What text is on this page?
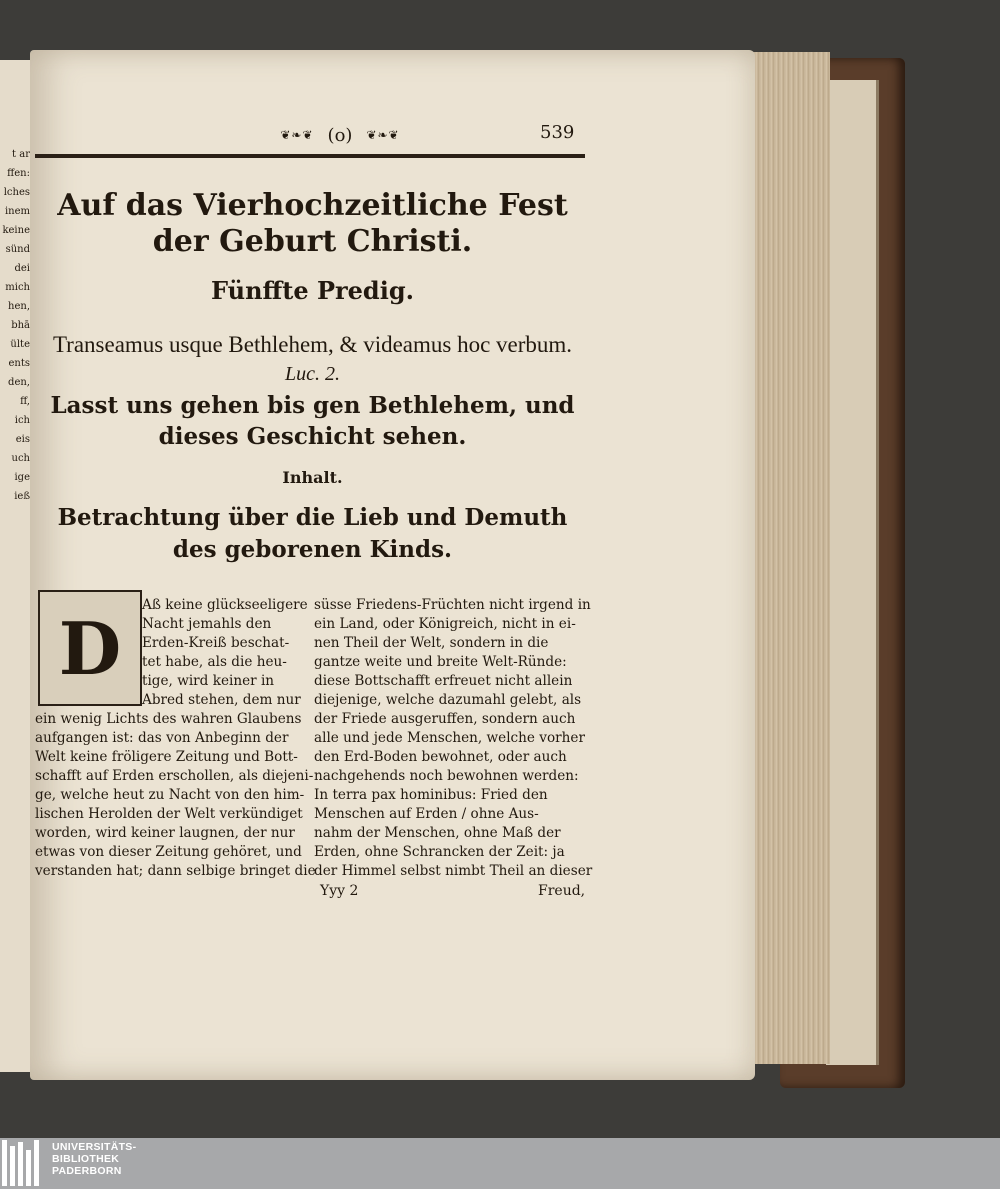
t ar
ffen:
lches
inem
keine
sünd
dei
mich
hen,
bhā
ülte
ents
den,
ff,
ich
eis
uch
ige
ieß
❦❧❦ (o) ❦❧❦	539
Auf das Vierhochzeitliche Fest der Geburt Christi.
Fünffte Predig.
Transeamus usque Bethlehem, & videamus hoc verbum.
Luc. 2.
Lasst uns gehen bis gen Bethlehem, und dieses Geschicht sehen.
Inhalt.
Betrachtung über die Lieb und Demuth des geborenen Kinds.
D
Aß keine glückseeligere
Nacht jemahls den
Erden-Kreiß beschat-
tet habe, als die heu-
tige, wird keiner in
Abred stehen, dem nur
ein wenig Lichts des wahren Glaubens
aufgangen ist: das von Anbeginn der
Welt keine fröligere Zeitung und Bott-
schafft auf Erden erschollen, als diejeni-
ge, welche heut zu Nacht von den him-
lischen Herolden der Welt verkündiget
worden, wird keiner laugnen, der nur
etwas von dieser Zeitung gehöret, und
verstanden hat; dann selbige bringet die
süsse Friedens-Früchten nicht irgend in
ein Land, oder Königreich, nicht in ei-
nen Theil der Welt, sondern in die
gantze weite und breite Welt-Ründe:
diese Bottschafft erfreuet nicht allein
diejenige, welche dazumahl gelebt, als
der Friede ausgeruffen, sondern auch
alle und jede Menschen, welche vorher
den Erd-Boden bewohnet, oder auch
nachgehends noch bewohnen werden:
In terra pax hominibus: Fried den
Menschen auf Erden / ohne Aus-
nahm der Menschen, ohne Maß der
Erden, ohne Schrancken der Zeit: ja
der Himmel selbst nimbt Theil an dieser
Yyy 2	Freud,
UNIVERSITÄTS-
BIBLIOTHEK
PADERBORN
